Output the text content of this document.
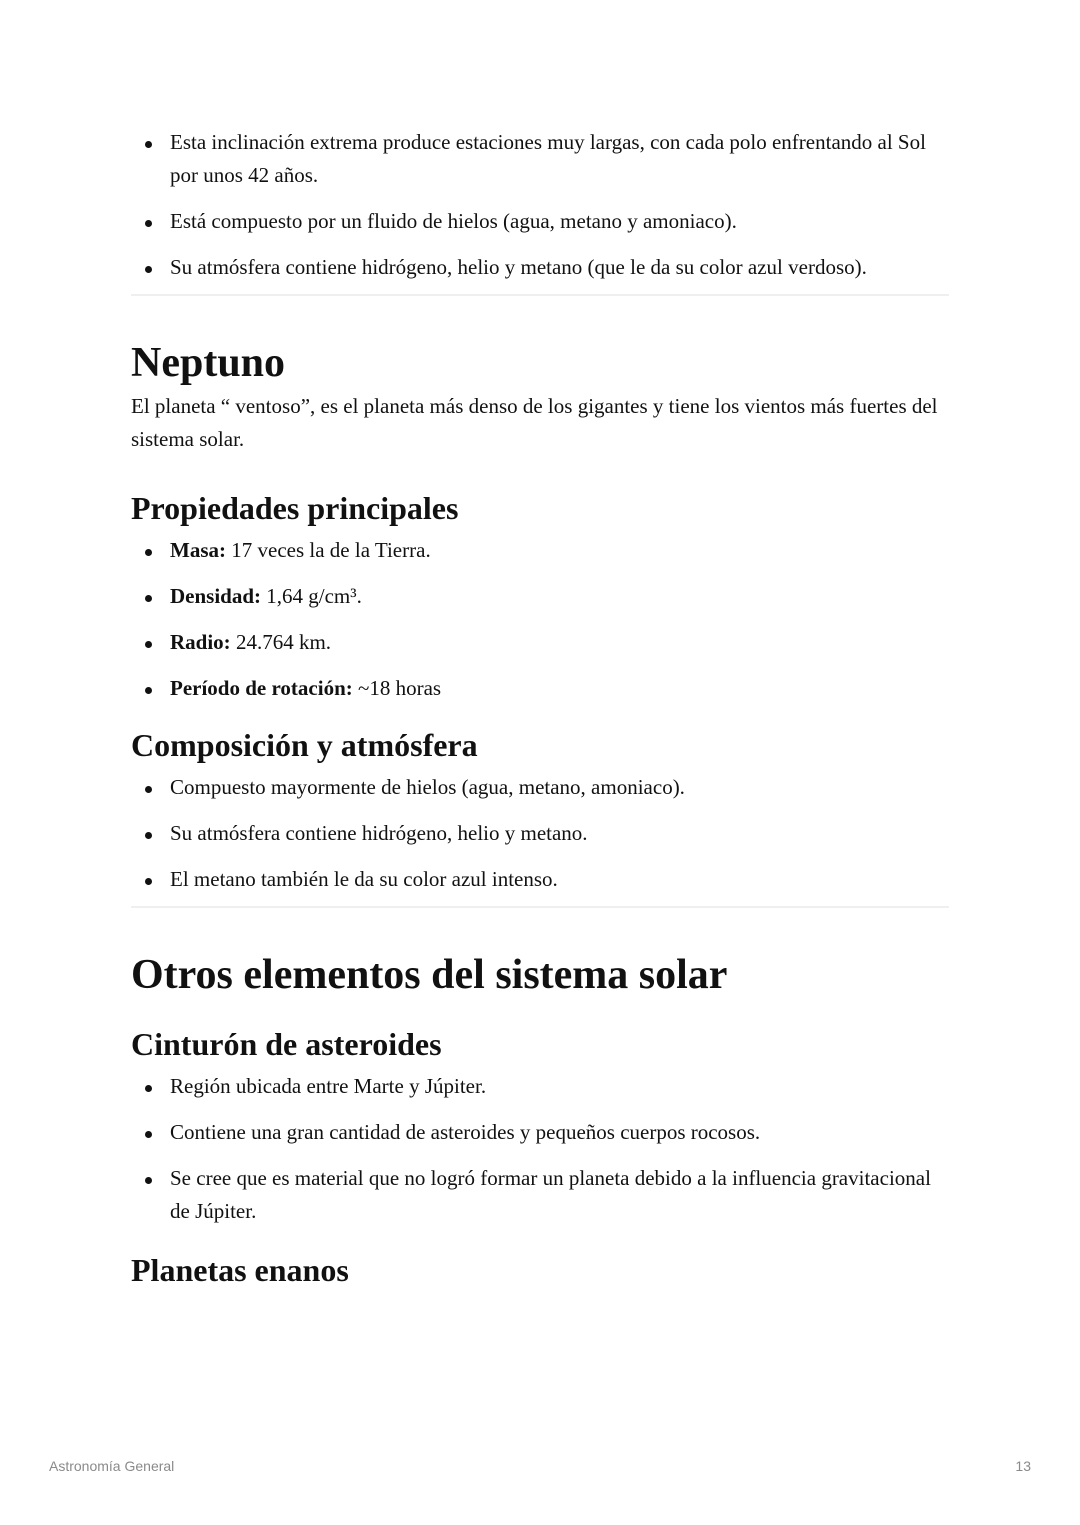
Esta inclinación extrema produce estaciones muy largas, con cada polo enfrentando al Sol por unos 42 años.
Está compuesto por un fluido de hielos (agua, metano y amoniaco).
Su atmósfera contiene hidrógeno, helio y metano (que le da su color azul verdoso).
Neptuno

El planeta “ ventoso”, es el planeta más denso de los gigantes y tiene los vientos más fuertes del sistema solar.

Propiedades principales
Masa: 17 veces la de la Tierra.
Densidad: 1,64 g/cm³.
Radio: 24.764 km.
Período de rotación: ~18 horas
Composición y atmósfera
Compuesto mayormente de hielos (agua, metano, amoniaco).
Su atmósfera contiene hidrógeno, helio y metano.
El metano también le da su color azul intenso.
Otros elementos del sistema solar
Cinturón de asteroides
Región ubicada entre Marte y Júpiter.
Contiene una gran cantidad de asteroides y pequeños cuerpos rocosos.
Se cree que es material que no logró formar un planeta debido a la influencia gravitacional de Júpiter.
Planetas enanos
Astronomía General	13
